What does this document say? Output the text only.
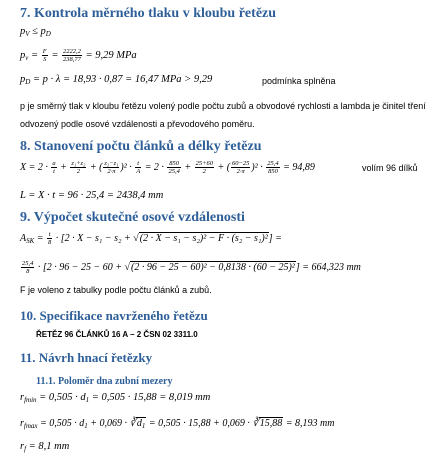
7. Kontrola měrného tlaku v kloubu řetězu
$p_V \le p_D$
$p_v = \frac{F}{S} = \frac{2222,2}{238,77} = 9,29$ MPa
$p_D = p \cdot \lambda = 18,93 \cdot 0,87 = 16,47$ MPa > 9,29	podmínka splněna
p je směrný tlak v kloubu řetězu volený podle počtu zubů a obvodové rychlosti a lambda je činitel tření
odvozený podle osové vzdálenosti a převodového poměru.
8. Stanovení počtu článků a délky řetězu
$X = 2 \cdot \frac{a}{t} + \frac{\text{z₁+z₂}}{2}$ + ( $\frac{\text{z₂−z₁}}{2\cdot\pi} )^2 \cdot \frac{t}{A} = 2 \cdot \frac{850}{25,4} + \frac{25+60}{2}$ + ( $\frac{60-25}{2\cdot\pi} )^2 \cdot \frac{25,4}{850} = 94,89$	volím 96 dílků
L = X · t = 96 · 25,4 = 2438,4 mm
9. Výpočet skutečné osové vzdálenosti
$A_{SK} = \frac{t}{8} \cdot [2 \cdot X - s_1 - s_2 + √(2 \cdot X - s_1 - s_2)^2 - F \cdot (s_2 - s_1)^2]$ =
$\frac{25,4}{8} \cdot [2 \cdot 96 - 25 - 60 + √(2 \cdot 96 - 25 - 60)^2 - 0,8138 \cdot (60 - 25)^2] = 664,323$ mm
F je voleno z tabulky podle počtu článků a zubů.
10. Specifikace navrženého řetězu
ŘETĚZ 96 ČLÁNKŮ 16 A – 2 ČSN 02 3311.0
11. Návrh hnací řetězky
11.1. Poloměr dna zubní mezery
$r_{fmin} = 0,505 \cdot d_1 = 0,505 \cdot 15,88 = 8,019$ mm
$r_{fmax} = 0,505 \cdot d_1 + 0,069$ · $∛d_1 = 0,505 \cdot 15,88 + 0,069$ · ∛15,88 = 8,193 mm
$r_f = 8,1$ mm
